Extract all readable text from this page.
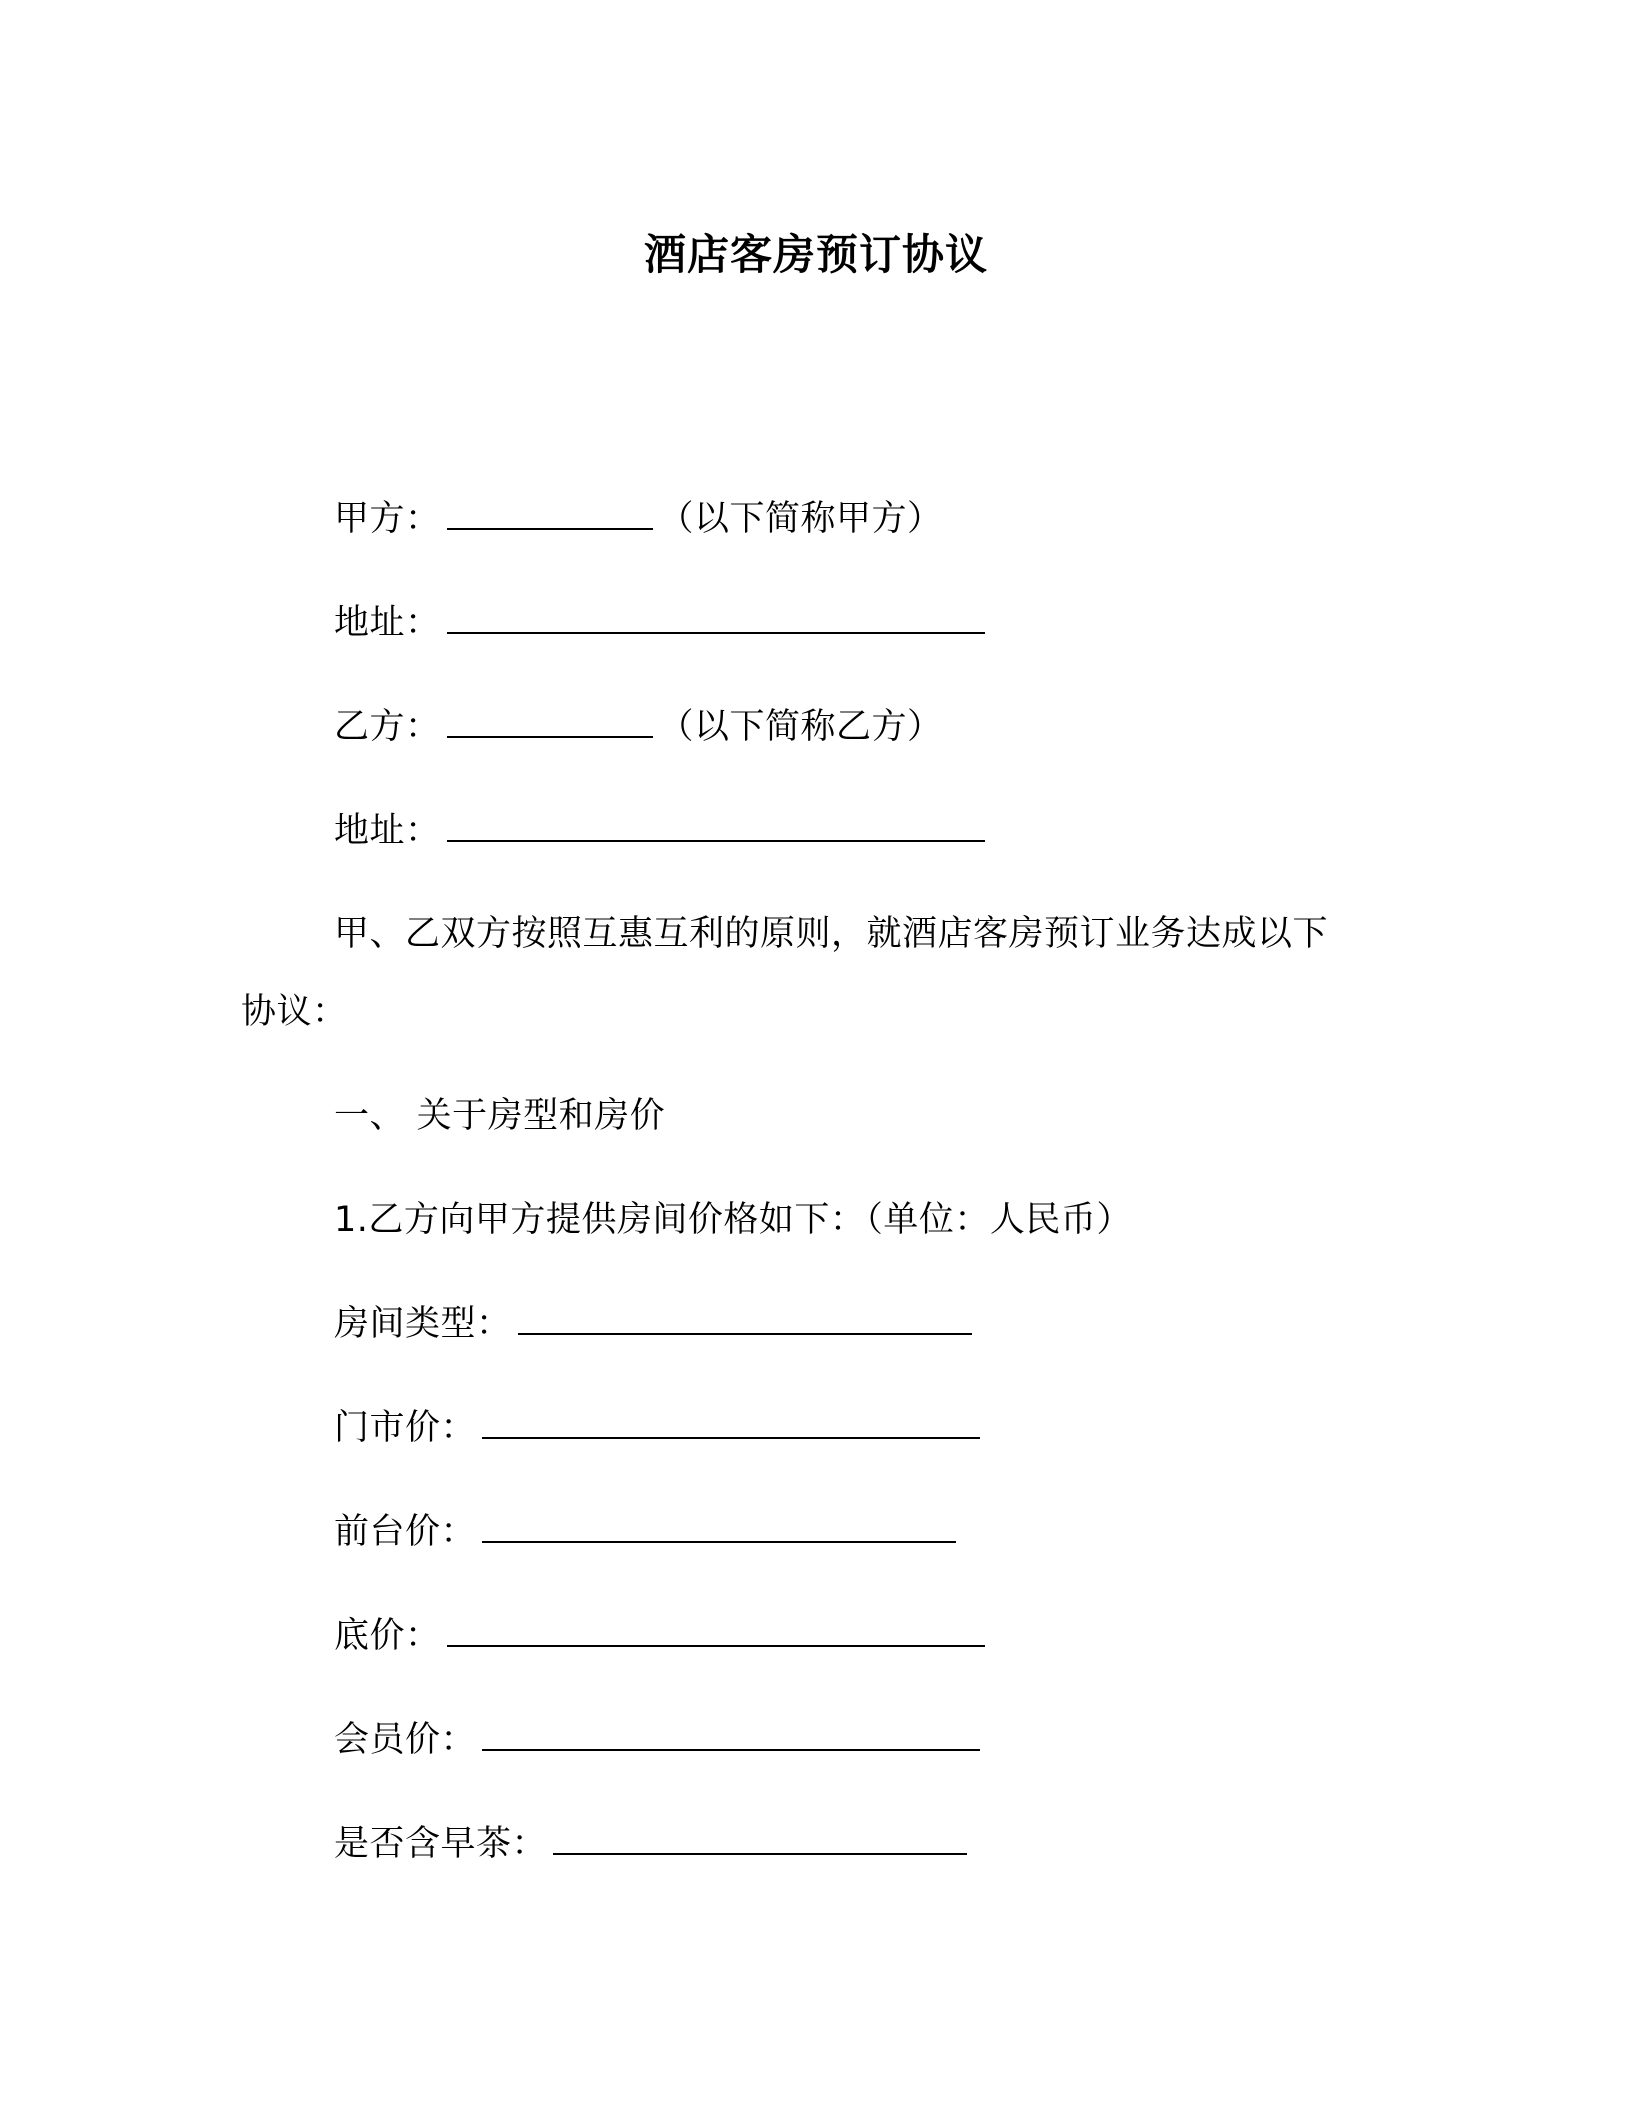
酒店客房预订协议
甲方：	（以下简称甲方）
地址：
乙方：	（以下简称乙方）
地址：
甲、乙双方按照互惠互利的原则，就酒店客房预订业务达成以下
协议：
一、 关于房型和房价
1.乙方向甲方提供房间价格如下：（单位：人民币）
房间类型：
门市价：
前台价：
底价：
会员价：
是否含早茶：
